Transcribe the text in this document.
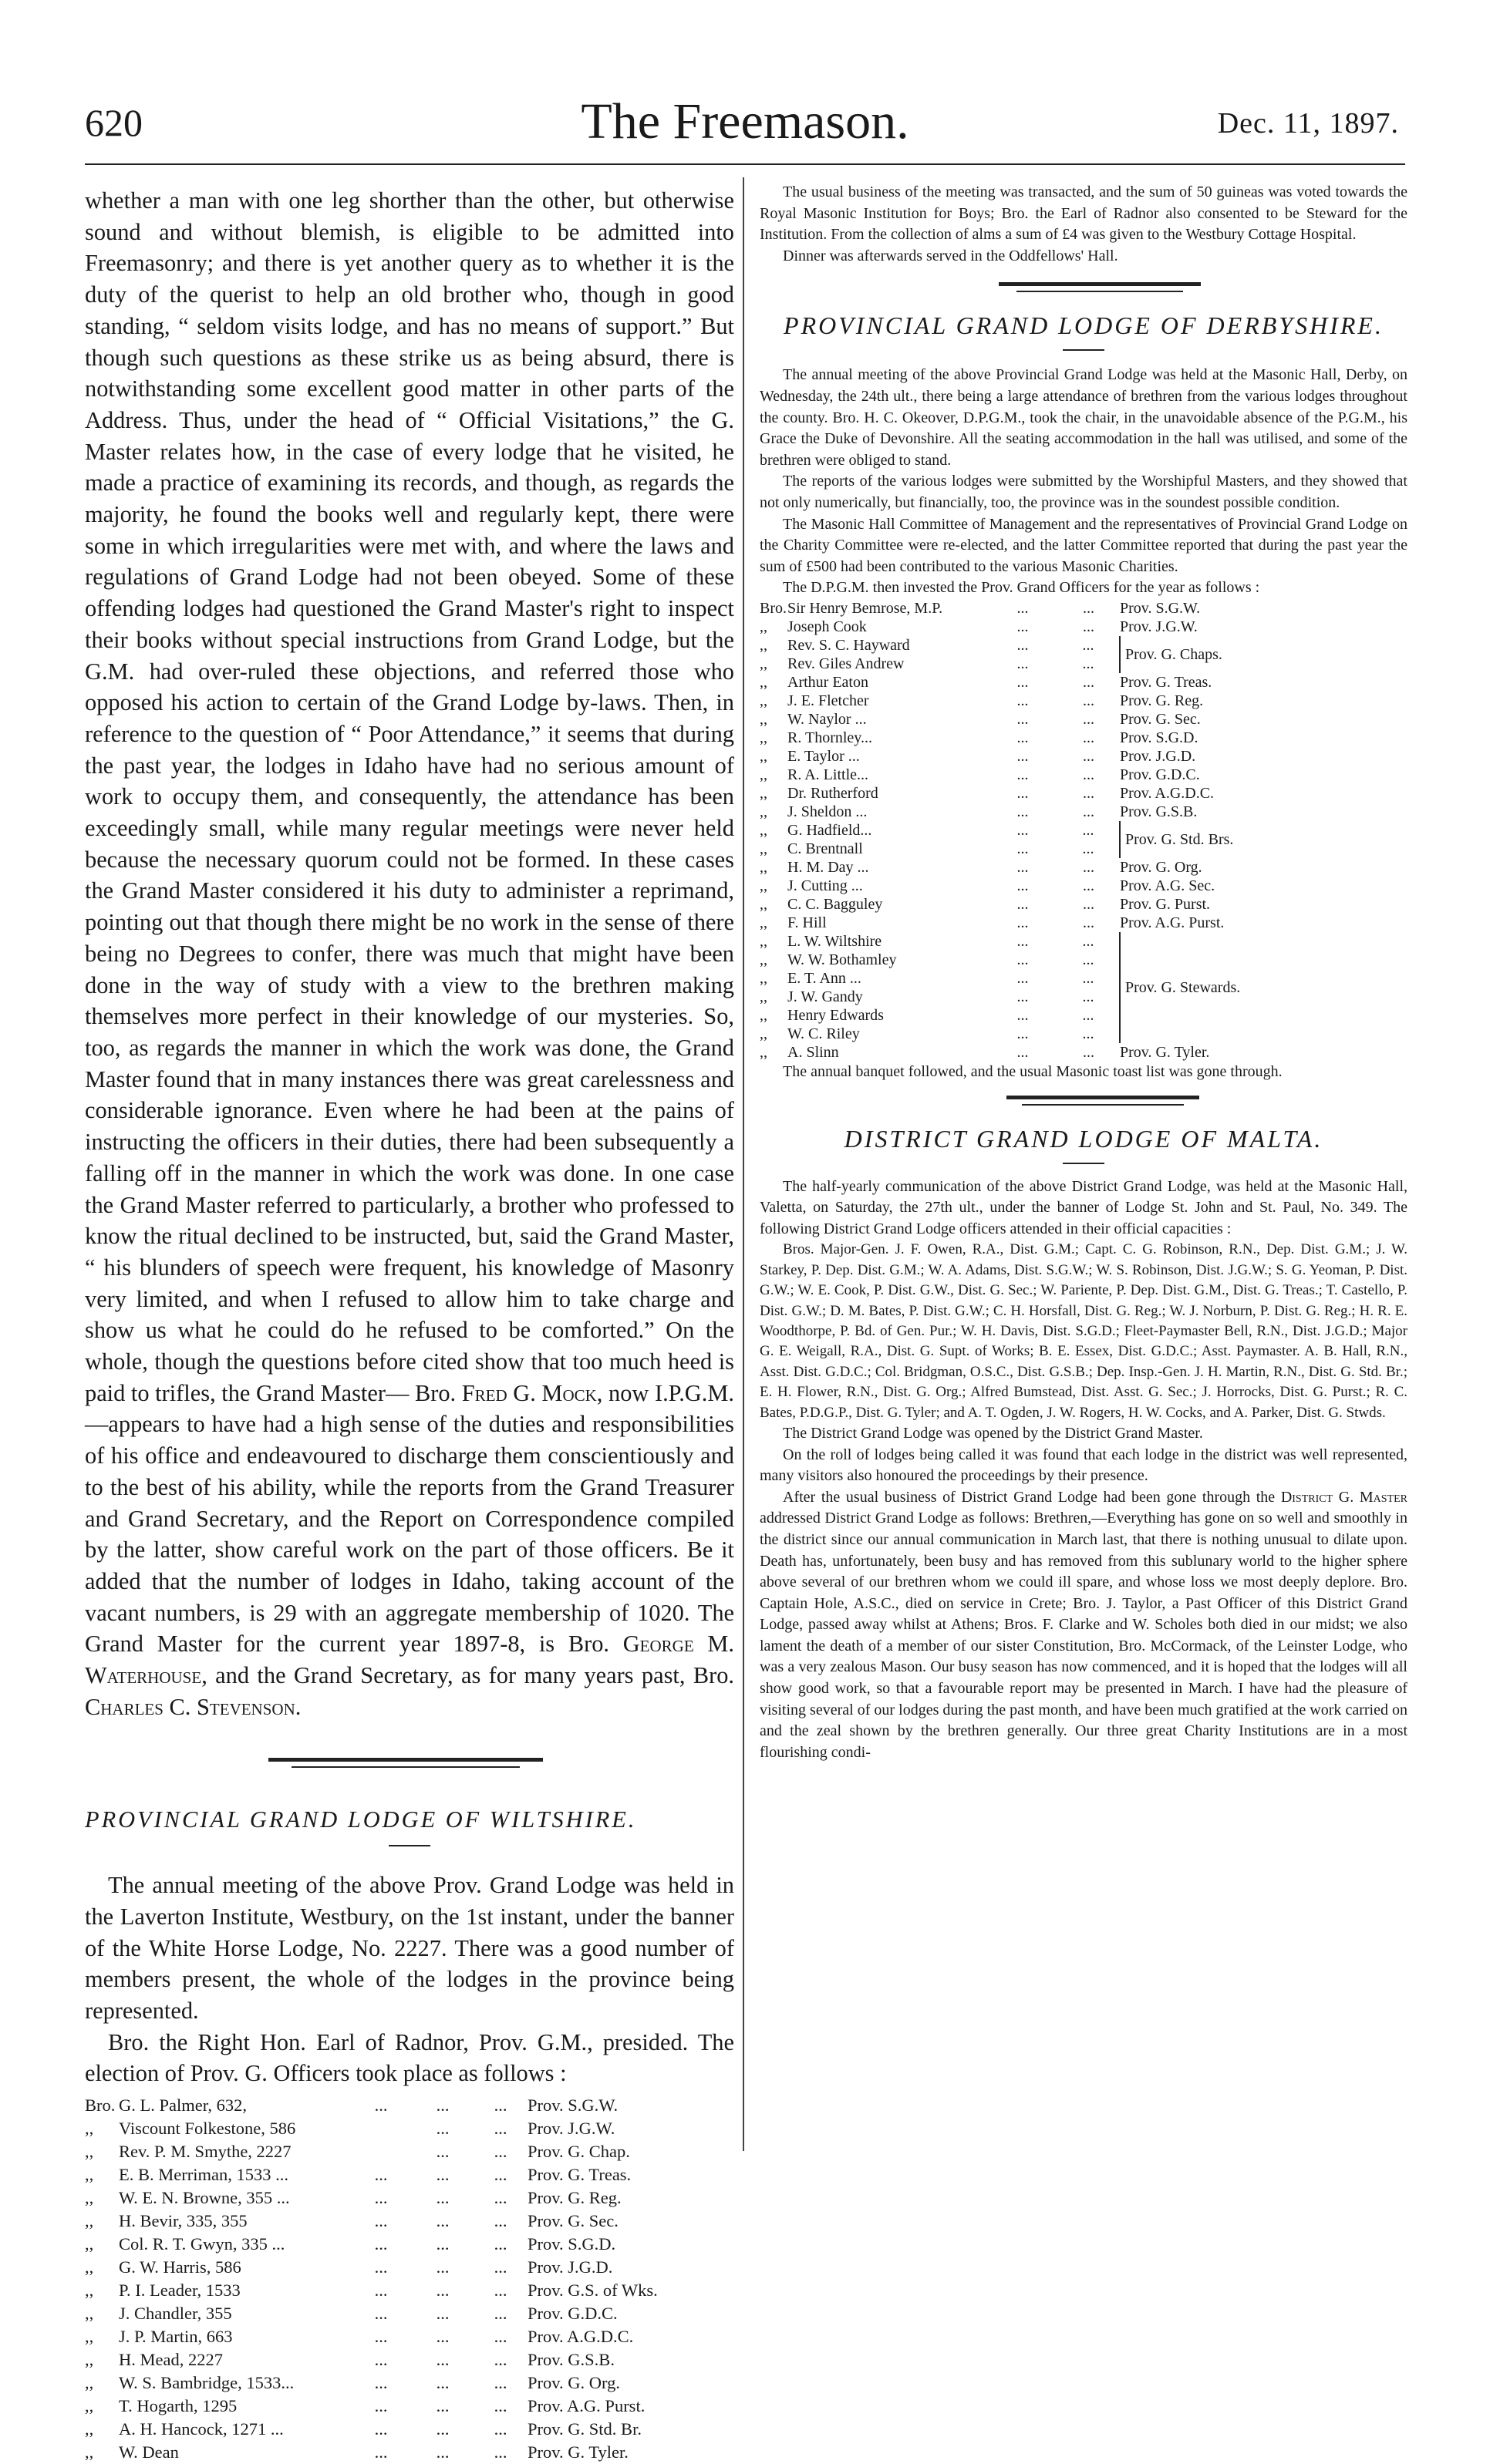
620	The Freemason.	Dec. 11, 1897.

whether a man with one leg shorther than the other, but otherwise sound and without blemish, is eligible to be admitted into Freemasonry; and there is yet another query as to whether it is the duty of the querist to help an old brother who, though in good standing, “ seldom visits lodge, and has no means of support.” But though such questions as these strike us as being absurd, there is notwithstanding some excellent good matter in other parts of the Address. Thus, under the head of “ Official Visitations,” the G. Master relates how, in the case of every lodge that he visited, he made a practice of examining its records, and though, as regards the majority, he found the books well and regularly kept, there were some in which irregularities were met with, and where the laws and regulations of Grand Lodge had not been obeyed. Some of these offending lodges had questioned the Grand Master's right to inspect their books without special instructions from Grand Lodge, but the G.M. had over-ruled these objections, and referred those who opposed his action to certain of the Grand Lodge by-laws. Then, in reference to the question of “ Poor Attendance,” it seems that during the past year, the lodges in Idaho have had no serious amount of work to occupy them, and consequently, the attendance has been exceedingly small, while many regular meetings were never held because the necessary quorum could not be formed. In these cases the Grand Master considered it his duty to administer a reprimand, pointing out that though there might be no work in the sense of there being no Degrees to confer, there was much that might have been done in the way of study with a view to the brethren making themselves more perfect in their knowledge of our mysteries. So, too, as regards the manner in which the work was done, the Grand Master found that in many instances there was great carelessness and considerable ignorance. Even where he had been at the pains of instructing the officers in their duties, there had been subsequently a falling off in the manner in which the work was done. In one case the Grand Master referred to particularly, a brother who professed to know the ritual declined to be instructed, but, said the Grand Master, “ his blunders of speech were frequent, his knowledge of Masonry very limited, and when I refused to allow him to take charge and show us what he could do he refused to be comforted.” On the whole, though the questions before cited show that too much heed is paid to trifles, the Grand Master— Bro. Fred G. Mock, now I.P.G.M.—appears to have had a high sense of the duties and responsibilities of his office and endeavoured to discharge them conscientiously and to the best of his ability, while the reports from the Grand Treasurer and Grand Secretary, and the Report on Correspondence compiled by the latter, show careful work on the part of those officers. Be it added that the number of lodges in Idaho, taking account of the vacant numbers, is 29 with an aggregate membership of 1020. The Grand Master for the current year 1897-8, is Bro. George M. Waterhouse, and the Grand Secretary, as for many years past, Bro. Charles C. Stevenson.

PROVINCIAL GRAND LODGE OF WILTSHIRE.

The annual meeting of the above Prov. Grand Lodge was held in the Laverton Institute, Westbury, on the 1st instant, under the banner of the White Horse Lodge, No. 2227. There was a good number of members present, the whole of the lodges in the province being represented.

Bro. the Right Hon. Earl of Radnor, Prov. G.M., presided. The election of Prov. G. Officers took place as follows :

Bro.	G. L. Palmer, 632,	...	...	...	Prov. S.G.W.
,,	Viscount Folkestone, 586		...	...	Prov. J.G.W.
,,	Rev. P. M. Smythe, 2227		...	...	Prov. G. Chap.
,,	E. B. Merriman, 1533 ...	...	...	...	Prov. G. Treas.
,,	W. E. N. Browne, 355 ...	...	...	...	Prov. G. Reg.
,,	H. Bevir, 335, 355	...	...	...	Prov. G. Sec.
,,	Col. R. T. Gwyn, 335 ...	...	...	...	Prov. S.G.D.
,,	G. W. Harris, 586	...	...	...	Prov. J.G.D.
,,	P. I. Leader, 1533	...	...	...	Prov. G.S. of Wks.
,,	J. Chandler, 355	...	...	...	Prov. G.D.C.
,,	J. P. Martin, 663	...	...	...	Prov. A.G.D.C.
,,	H. Mead, 2227	...	...	...	Prov. G.S.B.
,,	W. S. Bambridge, 1533...	...	...	...	Prov. G. Org.
,,	T. Hogarth, 1295	...	...	...	Prov. A.G. Purst.
,,	A. H. Hancock, 1271 ...	...	...	...	Prov. G. Std. Br.
,,	W. Dean	...	...	...	Prov. G. Tyler.

The usual business of the meeting was transacted, and the sum of 50 guineas was voted towards the Royal Masonic Institution for Boys; Bro. the Earl of Radnor also consented to be Steward for the Institution. From the collection of alms a sum of £4 was given to the Westbury Cottage Hospital.

Dinner was afterwards served in the Oddfellows' Hall.

PROVINCIAL GRAND LODGE OF DERBYSHIRE.

The annual meeting of the above Provincial Grand Lodge was held at the Masonic Hall, Derby, on Wednesday, the 24th ult., there being a large attendance of brethren from the various lodges throughout the county. Bro. H. C. Okeover, D.P.G.M., took the chair, in the unavoidable absence of the P.G.M., his Grace the Duke of Devonshire. All the seating accommodation in the hall was utilised, and some of the brethren were obliged to stand.

The reports of the various lodges were submitted by the Worshipful Masters, and they showed that not only numerically, but financially, too, the province was in the soundest possible condition.

The Masonic Hall Committee of Management and the representatives of Provincial Grand Lodge on the Charity Committee were re-elected, and the latter Committee reported that during the past year the sum of £500 had been contributed to the various Masonic Charities.

The D.P.G.M. then invested the Prov. Grand Officers for the year as follows :

Bro.	Sir Henry Bemrose, M.P.	...	...	Prov. S.G.W.
,,	Joseph Cook	...	...	Prov. J.G.W.
,,	Rev. S. C. Hayward	...	...	Prov. G. Chaps.
,,	Rev. Giles Andrew	...	...	
,,	Arthur Eaton	...	...	Prov. G. Treas.
,,	J. E. Fletcher	...	...	Prov. G. Reg.
,,	W. Naylor ...	...	...	Prov. G. Sec.
,,	R. Thornley...	...	...	Prov. S.G.D.
,,	E. Taylor ...	...	...	Prov. J.G.D.
,,	R. A. Little...	...	...	Prov. G.D.C.
,,	Dr. Rutherford	...	...	Prov. A.G.D.C.
,,	J. Sheldon ...	...	...	Prov. G.S.B.
,,	G. Hadfield...	...	...	Prov. G. Std. Brs.
,,	C. Brentnall	...	...	
,,	H. M. Day ...	...	...	Prov. G. Org.
,,	J. Cutting ...	...	...	Prov. A.G. Sec.
,,	C. C. Bagguley	...	...	Prov. G. Purst.
,,	F. Hill	...	...	Prov. A.G. Purst.
,,	L. W. Wiltshire	...	...	Prov. G. Stewards.
,,	W. W. Bothamley	...	...	
,,	E. T. Ann ...	...	...	
,,	J. W. Gandy	...	...	
,,	Henry Edwards	...	...	
,,	W. C. Riley	...	...	
,,	A. Slinn	...	...	Prov. G. Tyler.

The annual banquet followed, and the usual Masonic toast list was gone through.

DISTRICT GRAND LODGE OF MALTA.

The half-yearly communication of the above District Grand Lodge, was held at the Masonic Hall, Valetta, on Saturday, the 27th ult., under the banner of Lodge St. John and St. Paul, No. 349. The following District Grand Lodge officers attended in their official capacities :

Bros. Major-Gen. J. F. Owen, R.A., Dist. G.M.; Capt. C. G. Robinson, R.N., Dep. Dist. G.M.; J. W. Starkey, P. Dep. Dist. G.M.; W. A. Adams, Dist. S.G.W.; W. S. Robinson, Dist. J.G.W.; S. G. Yeoman, P. Dist. G.W.; W. E. Cook, P. Dist. G.W., Dist. G. Sec.; W. Pariente, P. Dep. Dist. G.M., Dist. G. Treas.; T. Castello, P. Dist. G.W.; D. M. Bates, P. Dist. G.W.; C. H. Horsfall, Dist. G. Reg.; W. J. Norburn, P. Dist. G. Reg.; H. R. E. Woodthorpe, P. Bd. of Gen. Pur.; W. H. Davis, Dist. S.G.D.; Fleet-Paymaster Bell, R.N., Dist. J.G.D.; Major G. E. Weigall, R.A., Dist. G. Supt. of Works; B. E. Essex, Dist. G.D.C.; Asst. Paymaster. A. B. Hall, R.N., Asst. Dist. G.D.C.; Col. Bridgman, O.S.C., Dist. G.S.B.; Dep. Insp.-Gen. J. H. Martin, R.N., Dist. G. Std. Br.; E. H. Flower, R.N., Dist. G. Org.; Alfred Bumstead, Dist. Asst. G. Sec.; J. Horrocks, Dist. G. Purst.; R. C. Bates, P.D.G.P., Dist. G. Tyler; and A. T. Ogden, J. W. Rogers, H. W. Cocks, and A. Parker, Dist. G. Stwds.

The District Grand Lodge was opened by the District Grand Master.

On the roll of lodges being called it was found that each lodge in the district was well represented, many visitors also honoured the proceedings by their presence.

After the usual business of District Grand Lodge had been gone through the District G. Master addressed District Grand Lodge as follows: Brethren,—Everything has gone on so well and smoothly in the district since our annual communication in March last, that there is nothing unusual to dilate upon. Death has, unfortunately, been busy and has removed from this sublunary world to the higher sphere above several of our brethren whom we could ill spare, and whose loss we most deeply deplore. Bro. Captain Hole, A.S.C., died on service in Crete; Bro. J. Taylor, a Past Officer of this District Grand Lodge, passed away whilst at Athens; Bros. F. Clarke and W. Scholes both died in our midst; we also lament the death of a member of our sister Constitution, Bro. McCormack, of the Leinster Lodge, who was a very zealous Mason. Our busy season has now commenced, and it is hoped that the lodges will all show good work, so that a favourable report may be presented in March. I have had the pleasure of visiting several of our lodges during the past month, and have been much gratified at the work carried on and the zeal shown by the brethren generally. Our three great Charity Institutions are in a most flourishing condi-
